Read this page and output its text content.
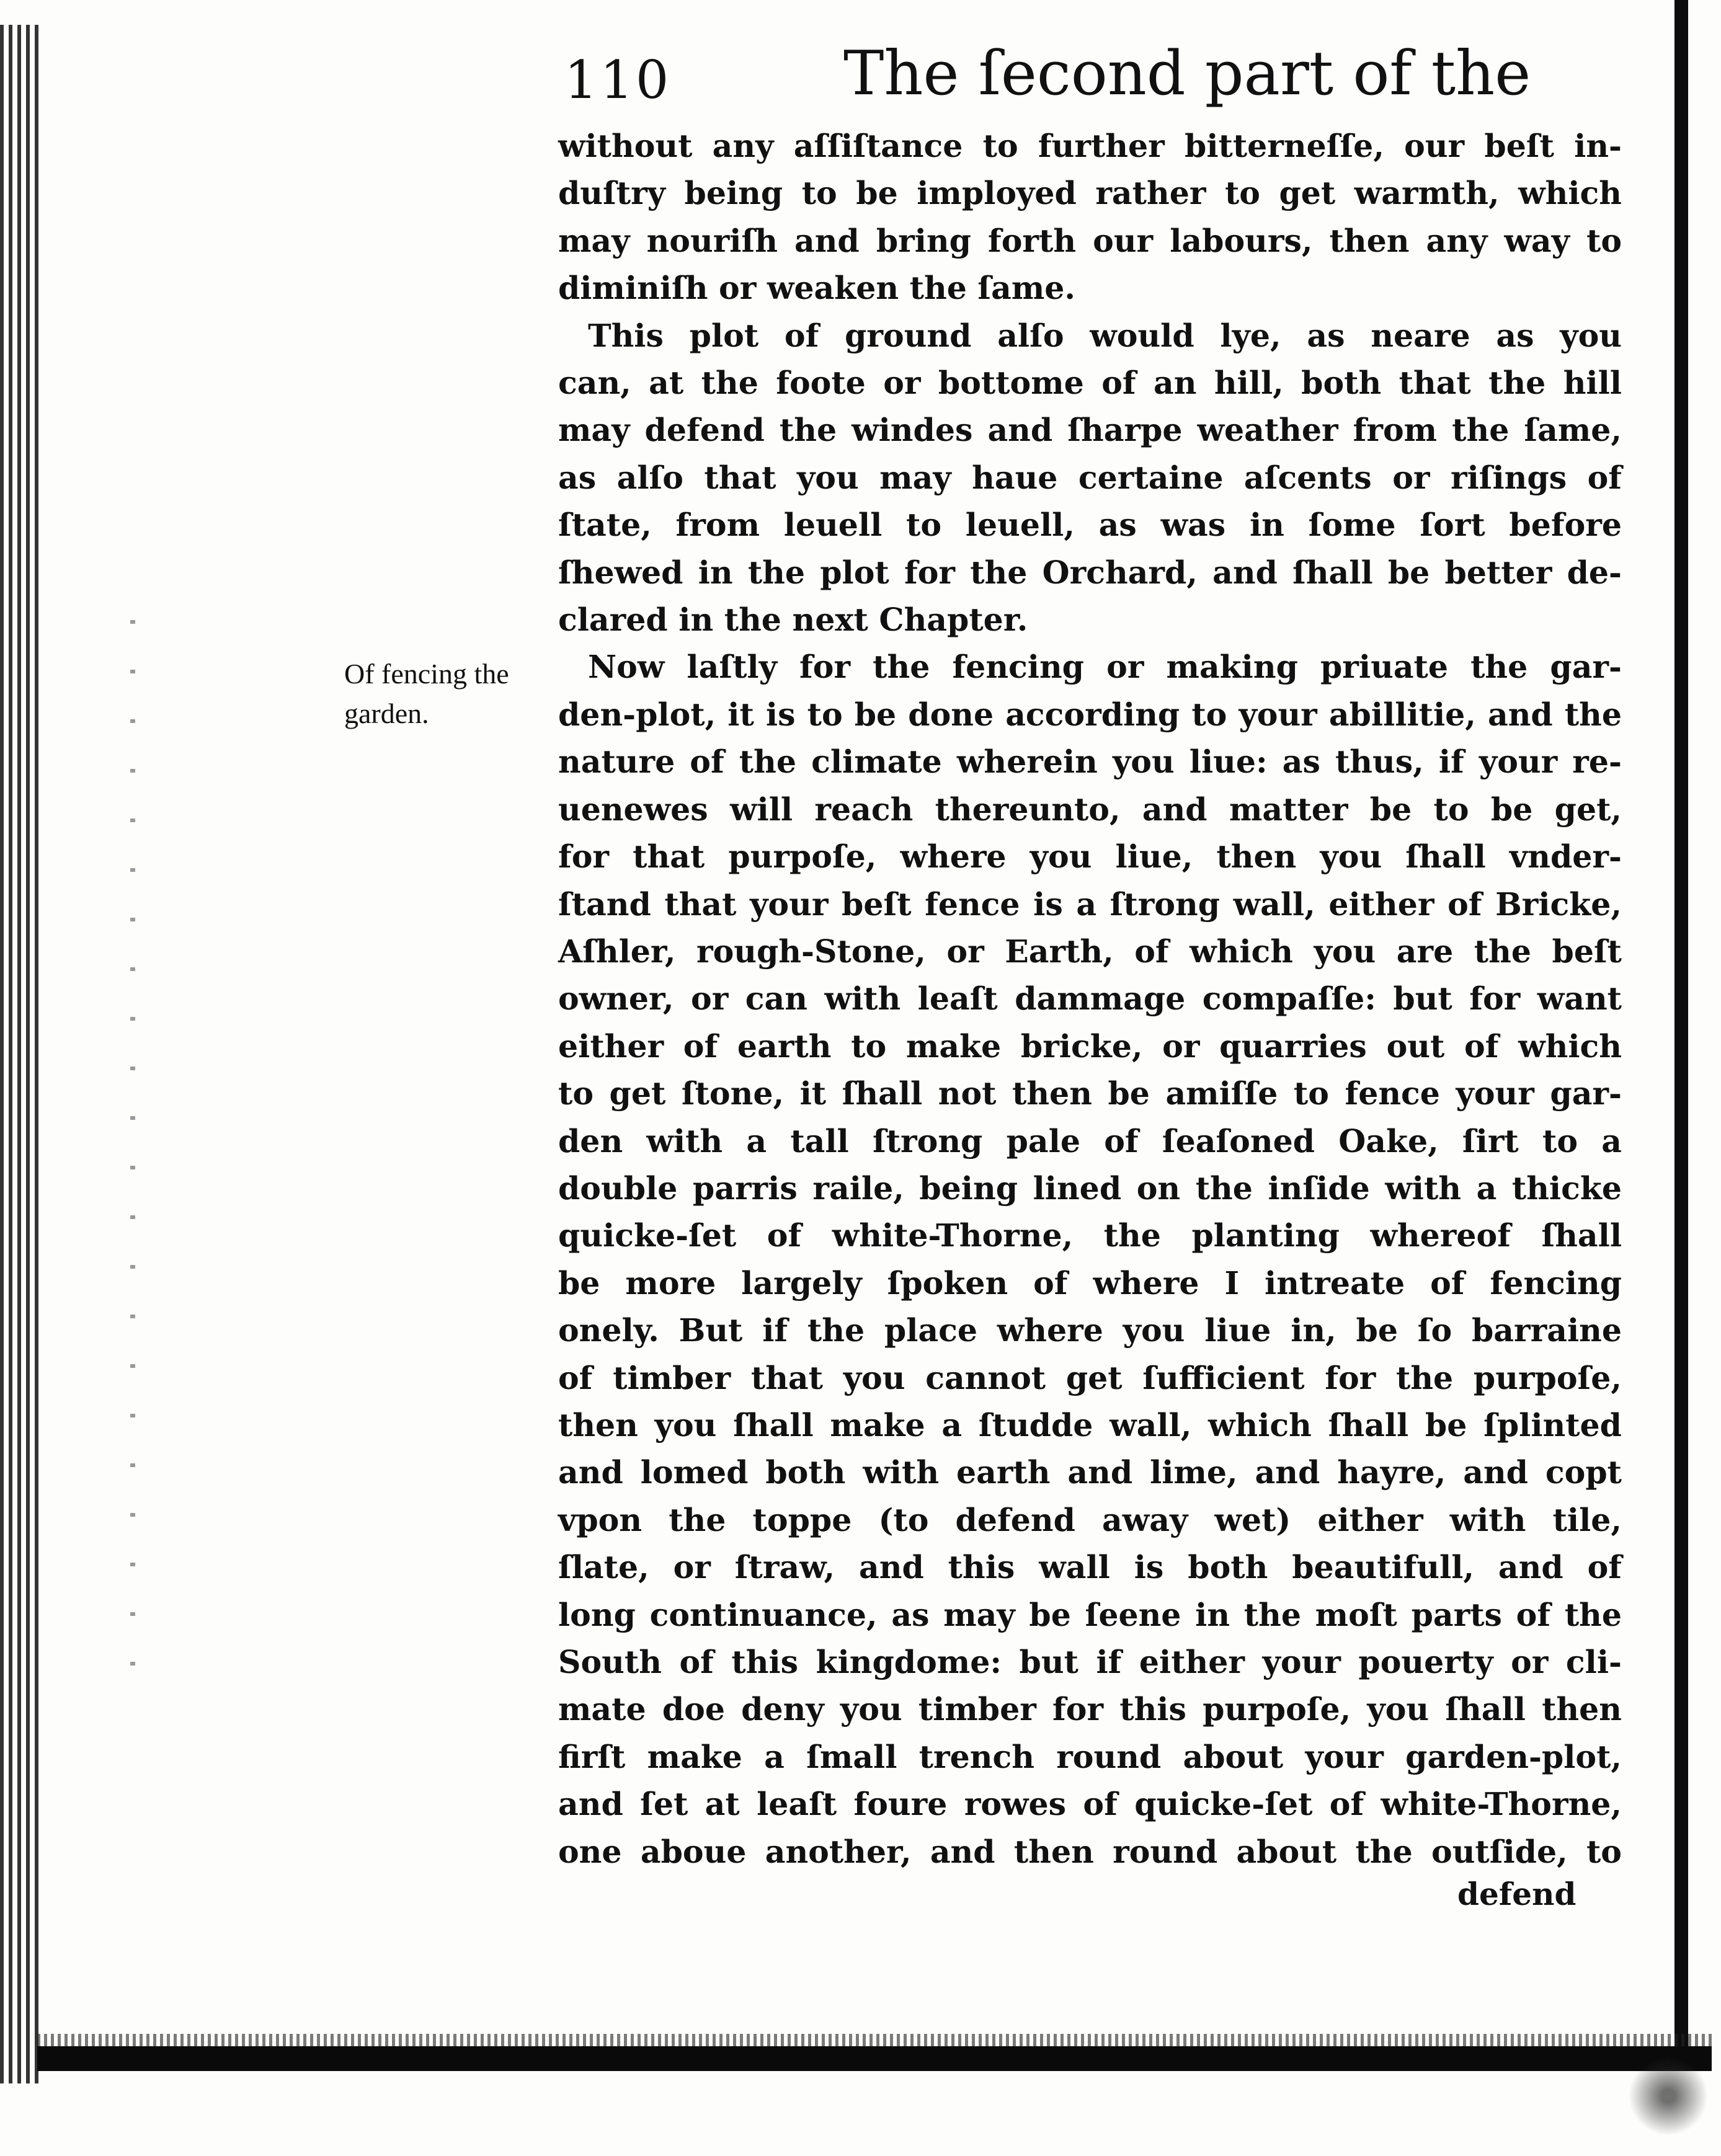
110	The ſecond part of the
Of fencing the
garden.
without any aſſiſtance to further bitterneſſe, our beſt in-
duſtry being to be imployed rather to get warmth, which
may nouriſh and bring forth our labours, then any way to
diminiſh or weaken the ſame.
This plot of ground alſo would lye, as neare as you
can, at the foote or bottome of an hill, both that the hill
may defend the windes and ſharpe weather from the ſame,
as alſo that you may haue certaine aſcents or riſings of
ſtate, from leuell to leuell, as was in ſome ſort before
ſhewed in the plot for the Orchard, and ſhall be better de-
clared in the next Chapter.
Now laſtly for the fencing or making priuate the gar-
den-plot, it is to be done according to your abillitie, and the
nature of the climate wherein you liue: as thus, if your re-
uenewes will reach thereunto, and matter be to be get,
for that purpoſe, where you liue, then you ſhall vnder-
ſtand that your beſt fence is a ſtrong wall, either of Bricke,
Aſhler, rough-Stone, or Earth, of which you are the beſt
owner, or can with leaſt dammage compaſſe: but for want
either of earth to make bricke, or quarries out of which
to get ſtone, it ſhall not then be amiſſe to fence your gar-
den with a tall ſtrong pale of ſeaſoned Oake, ſirt to a
double parris raile, being lined on the inſide with a thicke
quicke-ſet of white-Thorne, the planting whereof ſhall
be more largely ſpoken of where I intreate of fencing
onely. But if the place where you liue in, be ſo barraine
of timber that you cannot get ſufficient for the purpoſe,
then you ſhall make a ſtudde wall, which ſhall be ſplinted
and lomed both with earth and lime, and hayre, and copt
vpon the toppe (to defend away wet) either with tile,
ſlate, or ſtraw, and this wall is both beautifull, and of
long continuance, as may be ſeene in the moſt parts of the
South of this kingdome: but if either your pouerty or cli-
mate doe deny you timber for this purpoſe, you ſhall then
firſt make a ſmall trench round about your garden-plot,
and ſet at leaſt foure rowes of quicke-ſet of white-Thorne,
one aboue another, and then round about the outſide, to
defend
